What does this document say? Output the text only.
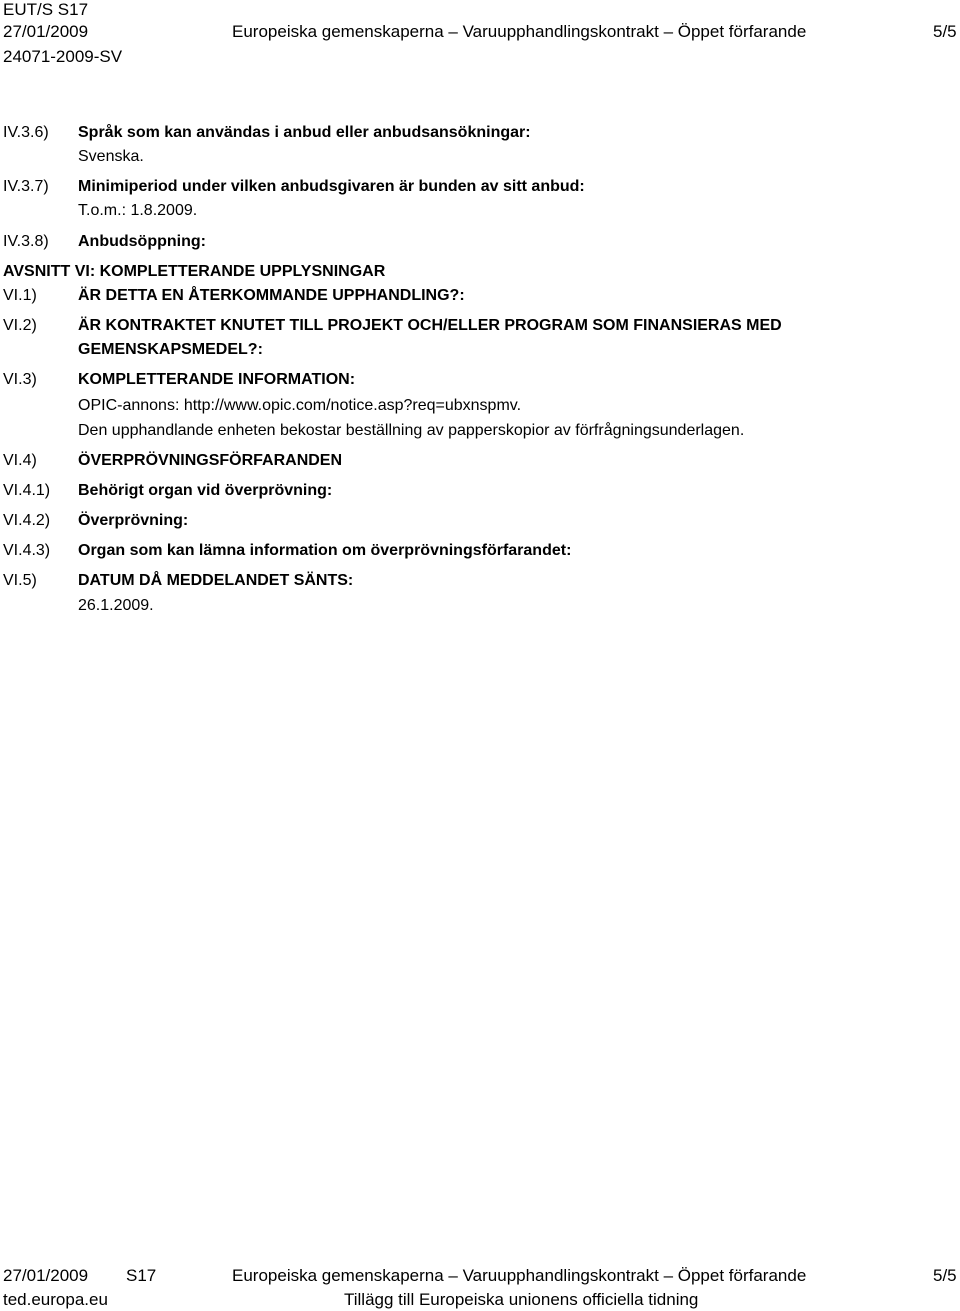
EUT/S S17
27/01/2009
24071-2009-SV
Europeiska gemenskaperna – Varuupphandlingskontrakt – Öppet förfarande	5/5
IV.3.6) Språk som kan användas i anbud eller anbudsansökningar:
Svenska.
IV.3.7) Minimiperiod under vilken anbudsgivaren är bunden av sitt anbud:
T.o.m.: 1.8.2009.
IV.3.8) Anbudsöppning:
AVSNITT VI: KOMPLETTERANDE UPPLYSNINGAR
VI.1)	ÄR DETTA EN ÅTERKOMMANDE UPPHANDLING?:
VI.2)	ÄR KONTRAKTET KNUTET TILL PROJEKT OCH/ELLER PROGRAM SOM FINANSIERAS MED
GEMENSKAPSMEDEL?:
VI.3)	KOMPLETTERANDE INFORMATION:
OPIC-annons: http://www.opic.com/notice.asp?req=ubxnspmv.
Den upphandlande enheten bekostar beställning av papperskopior av förfrågningsunderlagen.
VI.4)	ÖVERPRÖVNINGSFÖRFARANDEN
VI.4.1) Behörigt organ vid överprövning:
VI.4.2) Överprövning:
VI.4.3) Organ som kan lämna information om överprövningsförfarandet:
VI.5)	DATUM DÅ MEDDELANDET SÄNTS:
26.1.2009.
27/01/2009 S17	Europeiska gemenskaperna – Varuupphandlingskontrakt – Öppet förfarande	5/5
ted.europa.eu	Tillägg till Europeiska unionens officiella tidning
